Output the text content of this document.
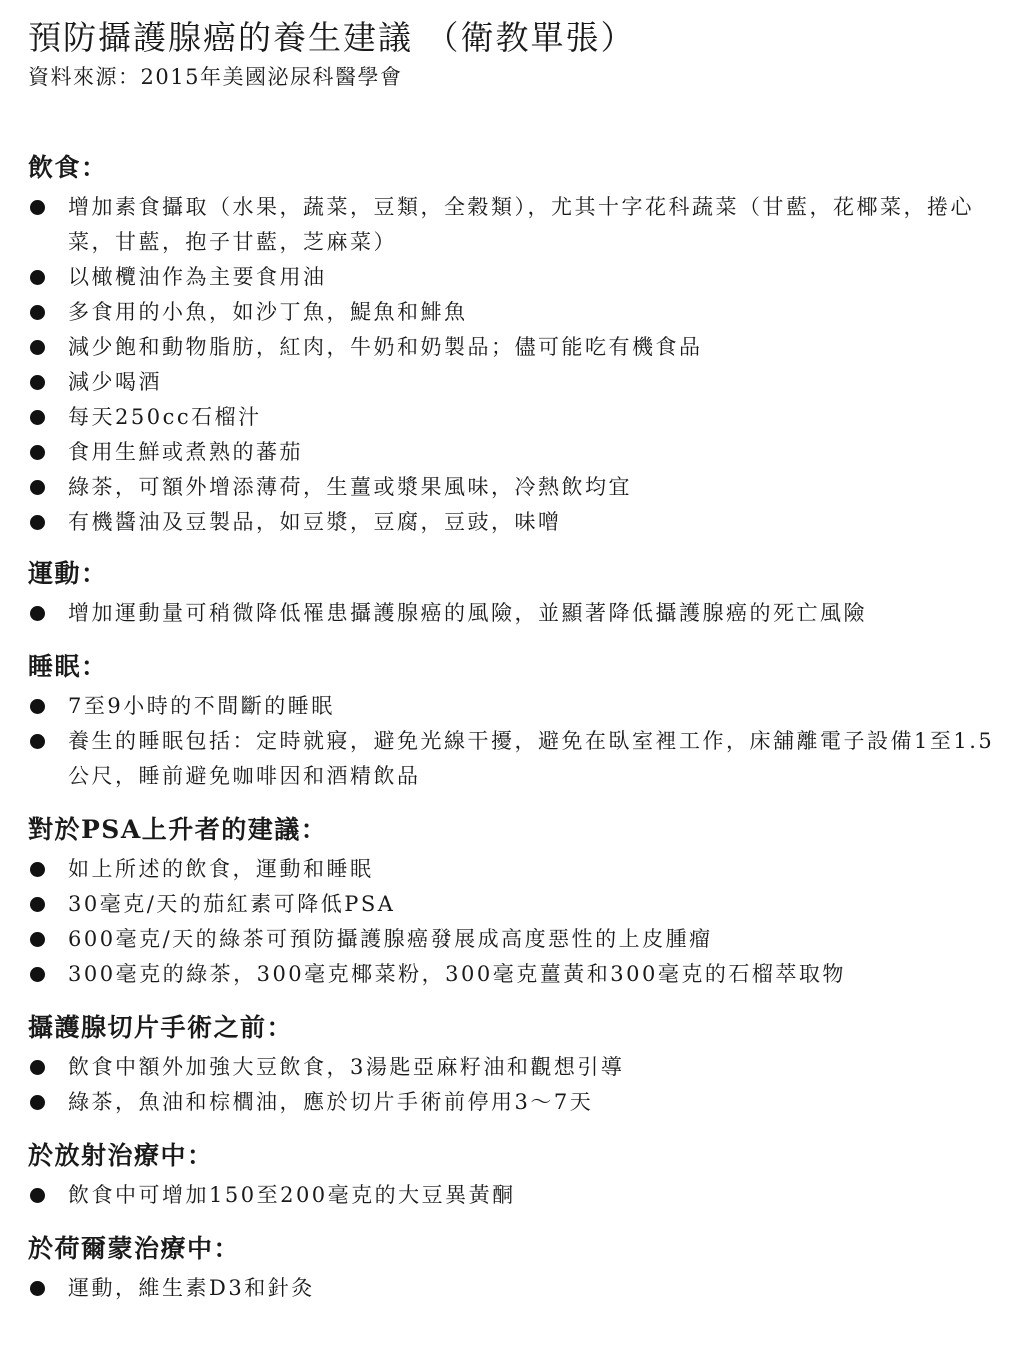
預防攝護腺癌的養生建議 （衛教單張）

資料來源：2015年美國泌尿科醫學會

飲食：
增加素食攝取（水果，蔬菜，豆類，全穀類），尤其十字花科蔬菜（甘藍，花椰菜，捲心菜，甘藍，抱子甘藍，芝麻菜）
以橄欖油作為主要食用油
多食用的小魚，如沙丁魚，鯷魚和鯡魚
減少飽和動物脂肪，紅肉，牛奶和奶製品；儘可能吃有機食品
減少喝酒
每天250cc石榴汁
食用生鮮或煮熟的蕃茄
綠茶，可額外增添薄荷，生薑或漿果風味，冷熱飲均宜
有機醬油及豆製品，如豆漿，豆腐，豆豉，味噌
運動：
增加運動量可稍微降低罹患攝護腺癌的風險，並顯著降低攝護腺癌的死亡風險
睡眠：
7至9小時的不間斷的睡眠
養生的睡眠包括：定時就寢，避免光線干擾，避免在臥室裡工作，床舖離電子設備1至1.5公尺，睡前避免咖啡因和酒精飲品
對於PSA上升者的建議：
如上所述的飲食，運動和睡眠
30毫克/天的茄紅素可降低PSA
600毫克/天的綠茶可預防攝護腺癌發展成高度惡性的上皮腫瘤
300毫克的綠茶，300毫克椰菜粉，300毫克薑黃和300毫克的石榴萃取物
攝護腺切片手術之前：
飲食中額外加強大豆飲食，3湯匙亞麻籽油和觀想引導
綠茶，魚油和棕櫚油，應於切片手術前停用3～7天
於放射治療中：
飲食中可增加150至200毫克的大豆異黃酮
於荷爾蒙治療中：
運動，維生素D3和針灸
